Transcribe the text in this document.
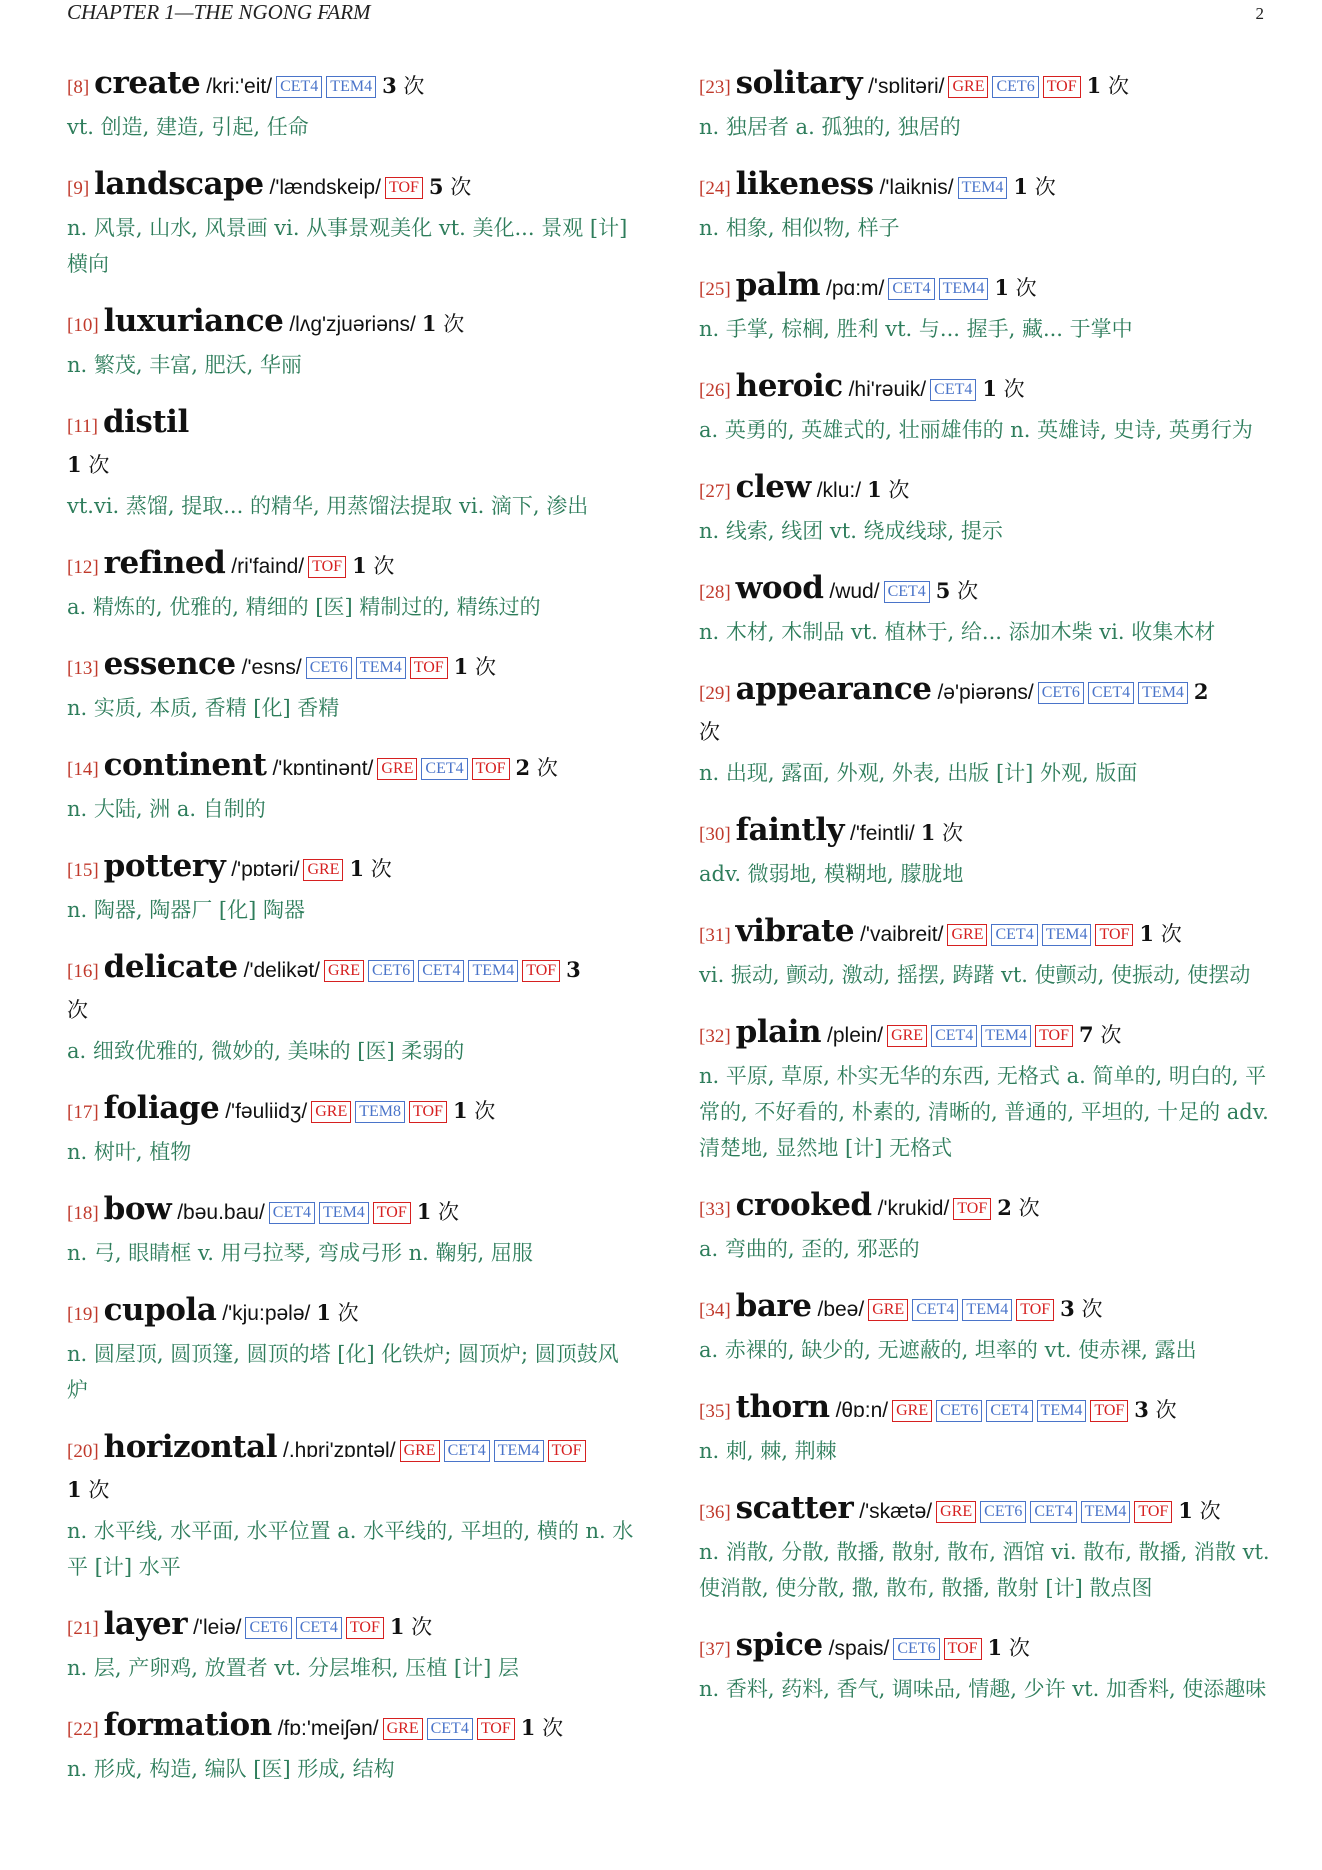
CHAPTER 1—THE NGONG FARM	2
[8] create /kri:'eit/ CET4 TEM4 3 次
vt. 创造, 建造, 引起, 任命
[9] landscape /'lændskeip/ TOF 5 次
n. 风景, 山水, 风景画 vi. 从事景观美化 vt. 美化... 景观 [计] 横向
[10] luxuriance /lʌg'zjuəriəns/ 1 次
n. 繁茂, 丰富, 肥沃, 华丽
[11] distil
1 次
vt.vi. 蒸馏, 提取... 的精华, 用蒸馏法提取 vi. 滴下, 渗出
[12] refined /ri'faind/ TOF 1 次
a. 精炼的, 优雅的, 精细的 [医] 精制过的, 精练过的
[13] essence /'esns/ CET6 TEM4 TOF 1 次
n. 实质, 本质, 香精 [化] 香精
[14] continent /'kɒntinənt/ GRE CET4 TOF 2 次
n. 大陆, 洲 a. 自制的
[15] pottery /'pɒtəri/ GRE 1 次
n. 陶器, 陶器厂 [化] 陶器
[16] delicate /'delikət/ GRE CET6 CET4 TEM4 TOF 3
次
a. 细致优雅的, 微妙的, 美味的 [医] 柔弱的
[17] foliage /'fəuliidʒ/ GRE TEM8 TOF 1 次
n. 树叶, 植物
[18] bow /bəu.bau/ CET4 TEM4 TOF 1 次
n. 弓, 眼睛框 v. 用弓拉琴, 弯成弓形 n. 鞠躬, 屈服
[19] cupola /'kju:pələ/ 1 次
n. 圆屋顶, 圆顶篷, 圆顶的塔 [化] 化铁炉; 圆顶炉; 圆顶鼓风炉
[20] horizontal /.hɒri'zɒntəl/ GRE CET4 TEM4 TOF
1 次
n. 水平线, 水平面, 水平位置 a. 水平线的, 平坦的, 横的 n. 水平 [计] 水平
[21] layer /'leiə/ CET6 CET4 TOF 1 次
n. 层, 产卵鸡, 放置者 vt. 分层堆积, 压植 [计] 层
[22] formation /fɒ:'meiʃən/ GRE CET4 TOF 1 次
n. 形成, 构造, 编队 [医] 形成, 结构
[23] solitary /'sɒlitəri/ GRE CET6 TOF 1 次
n. 独居者 a. 孤独的, 独居的
[24] likeness /'laiknis/ TEM4 1 次
n. 相象, 相似物, 样子
[25] palm /pɑ:m/ CET4 TEM4 1 次
n. 手掌, 棕榈, 胜利 vt. 与... 握手, 藏... 于掌中
[26] heroic /hi'rəuik/ CET4 1 次
a. 英勇的, 英雄式的, 壮丽雄伟的 n. 英雄诗, 史诗, 英勇行为
[27] clew /klu:/ 1 次
n. 线索, 线团 vt. 绕成线球, 提示
[28] wood /wud/ CET4 5 次
n. 木材, 木制品 vt. 植林于, 给... 添加木柴 vi. 收集木材
[29] appearance /ə'piərəns/ CET6 CET4 TEM4 2
次
n. 出现, 露面, 外观, 外表, 出版 [计] 外观, 版面
[30] faintly /'feintli/ 1 次
adv. 微弱地, 模糊地, 朦胧地
[31] vibrate /'vaibreit/ GRE CET4 TEM4 TOF 1 次
vi. 振动, 颤动, 激动, 摇摆, 踌躇 vt. 使颤动, 使振动, 使摆动
[32] plain /plein/ GRE CET4 TEM4 TOF 7 次
n. 平原, 草原, 朴实无华的东西, 无格式 a. 简单的, 明白的, 平常的, 不好看的, 朴素的, 清晰的, 普通的, 平坦的, 十足的 adv. 清楚地, 显然地 [计] 无格式
[33] crooked /'krukid/ TOF 2 次
a. 弯曲的, 歪的, 邪恶的
[34] bare /beə/ GRE CET4 TEM4 TOF 3 次
a. 赤裸的, 缺少的, 无遮蔽的, 坦率的 vt. 使赤裸, 露出
[35] thorn /θɒ:n/ GRE CET6 CET4 TEM4 TOF 3 次
n. 刺, 棘, 荆棘
[36] scatter /'skætə/ GRE CET6 CET4 TEM4 TOF 1 次
n. 消散, 分散, 散播, 散射, 散布, 酒馆 vi. 散布, 散播, 消散 vt. 使消散, 使分散, 撒, 散布, 散播, 散射 [计] 散点图
[37] spice /spais/ CET6 TOF 1 次
n. 香料, 药料, 香气, 调味品, 情趣, 少许 vt. 加香料, 使添趣味
